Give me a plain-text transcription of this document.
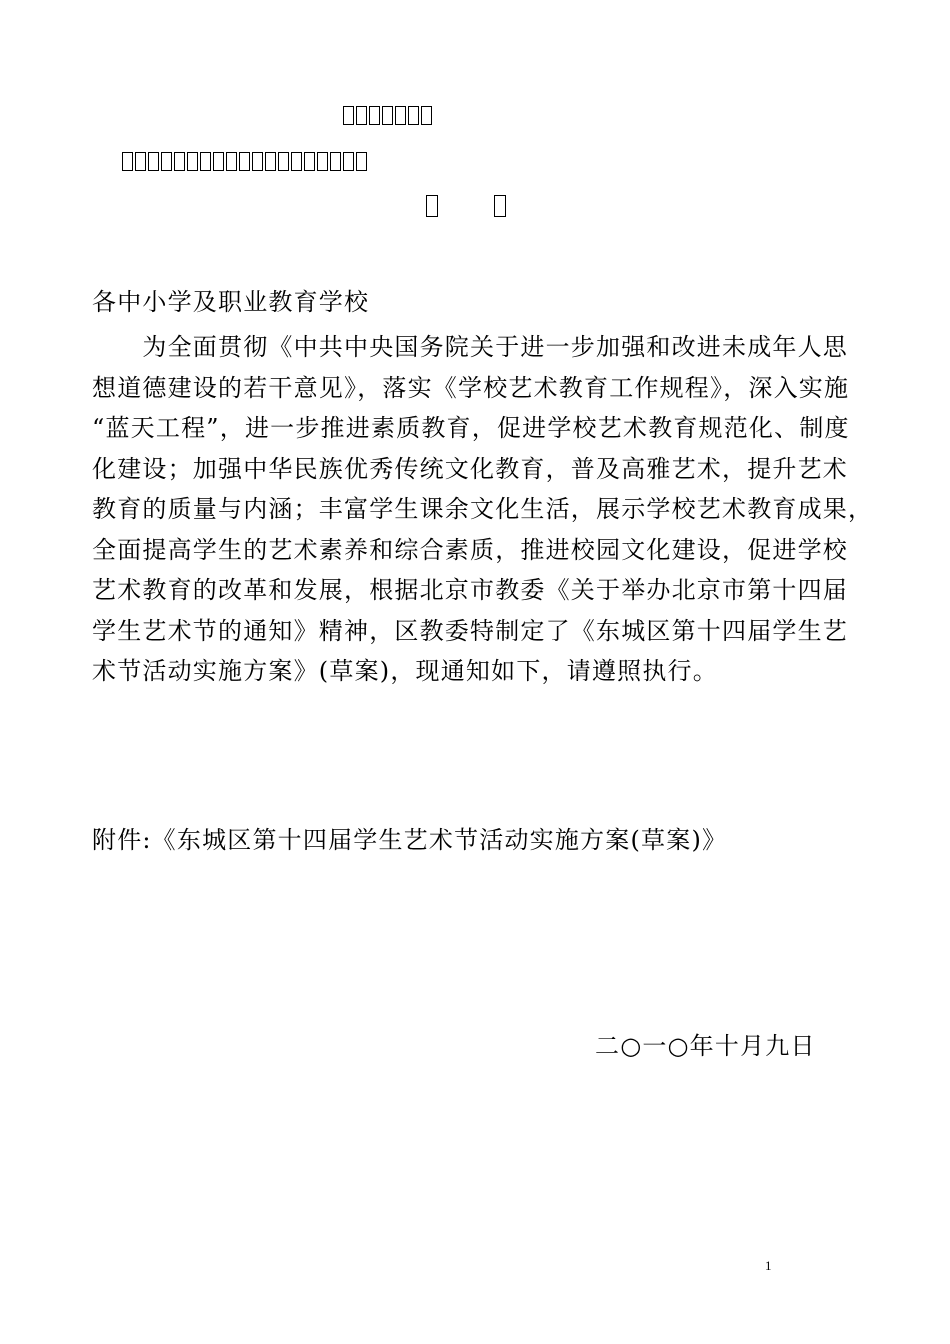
各中小学及职业教育学校
　　为全面贯彻《中共中央国务院关于进一步加强和改进未成年人思
想道德建设的若干意见》，落实《学校艺术教育工作规程》，深入实施
“蓝天工程”，进一步推进素质教育，促进学校艺术教育规范化、制度
化建设；加强中华民族优秀传统文化教育，普及高雅艺术，提升艺术
教育的质量与内涵；丰富学生课余文化生活，展示学校艺术教育成果，
全面提高学生的艺术素养和综合素质，推进校园文化建设，促进学校
艺术教育的改革和发展，根据北京市教委《关于举办北京市第十四届
学生艺术节的通知》精神，区教委特制定了《东城区第十四届学生艺
术节活动实施方案》(草案)，现通知如下，请遵照执行。
附件:《东城区第十四届学生艺术节活动实施方案(草案)》
二○一○年十月九日
1
